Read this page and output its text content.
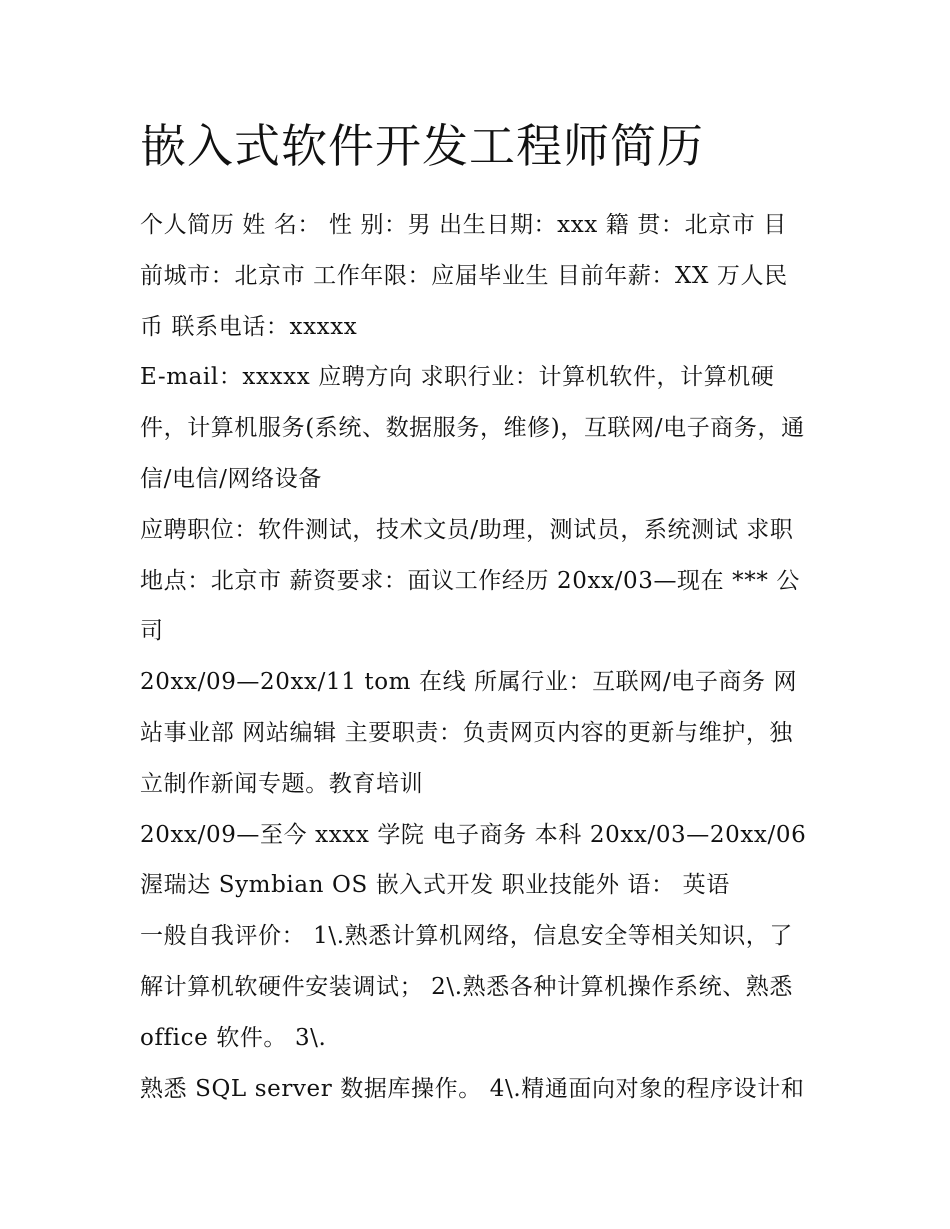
嵌入式软件开发工程师简历

个人简历 姓 名： 性 别：男 出生日期：xxx 籍 贯：北京市 目前城市：北京市 工作年限：应届毕业生 目前年薪：XX 万人民币 联系电话：xxxxx

E-mail：xxxxx 应聘方向 求职行业：计算机软件，计算机硬件，计算机服务(系统、数据服务，维修)，互联网/电子商务，通信/电信/网络设备

应聘职位：软件测试，技术文员/助理，测试员，系统测试 求职地点：北京市 薪资要求：面议工作经历 20xx/03—现在 *** 公司

20xx/09—20xx/11 tom 在线 所属行业：互联网/电子商务 网站事业部 网站编辑 主要职责：负责网页内容的更新与维护，独立制作新闻专题。教育培训

20xx/09—至今 xxxx 学院 电子商务 本科 20xx/03—20xx/06 渥瑞达 Symbian OS 嵌入式开发 职业技能外 语： 英语

一般自我评价： 1\.熟悉计算机网络，信息安全等相关知识，了解计算机软硬件安装调试； 2\.熟悉各种计算机操作系统、熟悉 office 软件。 3\.

熟悉 SQL server 数据库操作。 4\.精通面向对象的程序设计和
